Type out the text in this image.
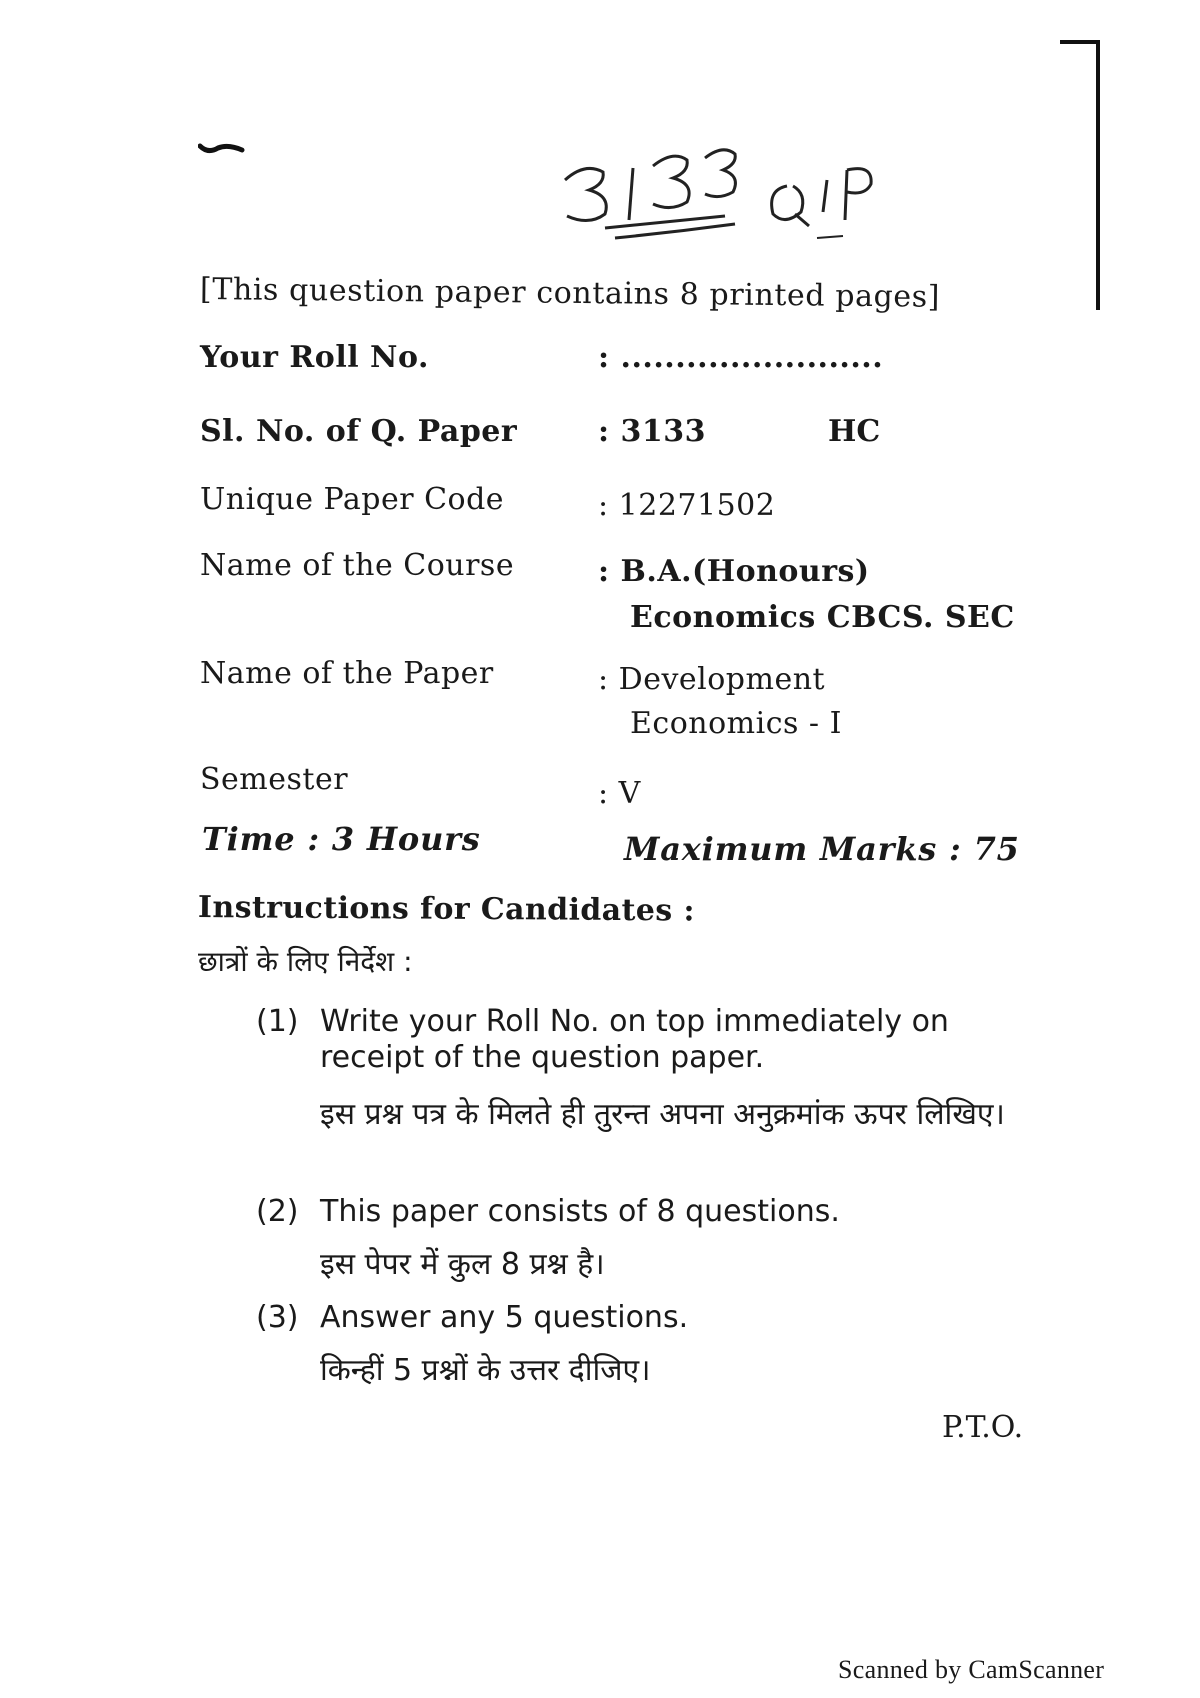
[This question paper contains 8 printed pages]
Your Roll No.	: ........................
Sl. No. of Q. Paper	: 3133	HC
Unique Paper Code	: 12271502
Name of the Course	: B.A.(Honours)
Economics CBCS. SEC
Name of the Paper	: Development
Economics - I
Semester	: V
Time : 3 Hours	Maximum Marks : 75
Instructions for Candidates :
छात्रों के लिए निर्देश :
(1) Write your Roll No. on top immediately on receipt of the question paper.
इस प्रश्न पत्र के मिलते ही तुरन्त अपना अनुक्रमांक ऊपर लिखिए।
(2) This paper consists of 8 questions.
इस पेपर में कुल 8 प्रश्न है।
(3) Answer any 5 questions.
किन्हीं 5 प्रश्नों के उत्तर दीजिए।
P.T.O.
Scanned by CamScanner
